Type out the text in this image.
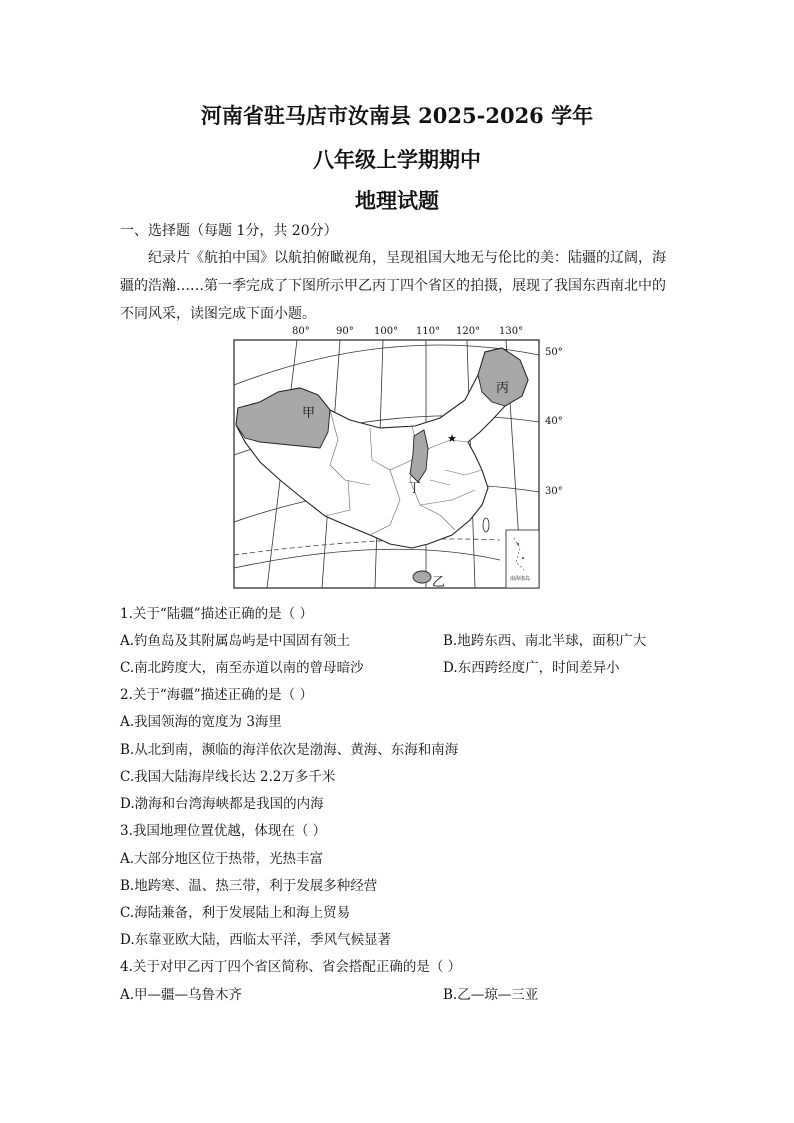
河南省驻马店市汝南县 2025-2026 学年
八年级上学期期中
地理试题
一、选择题（每题 1分，共 20分）
纪录片《航拍中国》以航拍俯瞰视角，呈现祖国大地无与伦比的美：陆疆的辽阔，海疆的浩瀚……第一季完成了下图所示甲乙丙丁四个省区的拍摄，展现了我国东西南北中的不同风采，读图完成下面小题。
80°	90° 100° 110° 120° 130°
50°
40°
30°
★
南海诸岛
甲
丙
丁
乙
1.关于“陆疆”描述正确的是（ ）
A.钓鱼岛及其附属岛屿是中国固有领土	B.地跨东西、南北半球，面积广大
C.南北跨度大，南至赤道以南的曾母暗沙	D.东西跨经度广，时间差异小
2.关于“海疆”描述正确的是（ ）
A.我国领海的宽度为 3海里
B.从北到南，濒临的海洋依次是渤海、黄海、东海和南海
C.我国大陆海岸线长达 2.2万多千米
D.渤海和台湾海峡都是我国的内海
3.我国地理位置优越，体现在（ ）
A.大部分地区位于热带，光热丰富
B.地跨寒、温、热三带，利于发展多种经营
C.海陆兼备，利于发展陆上和海上贸易
D.东靠亚欧大陆，西临太平洋，季风气候显著
4.关于对甲乙丙丁四个省区简称、省会搭配正确的是（ ）
A.甲—疆—乌鲁木齐	B.乙—琼—三亚
